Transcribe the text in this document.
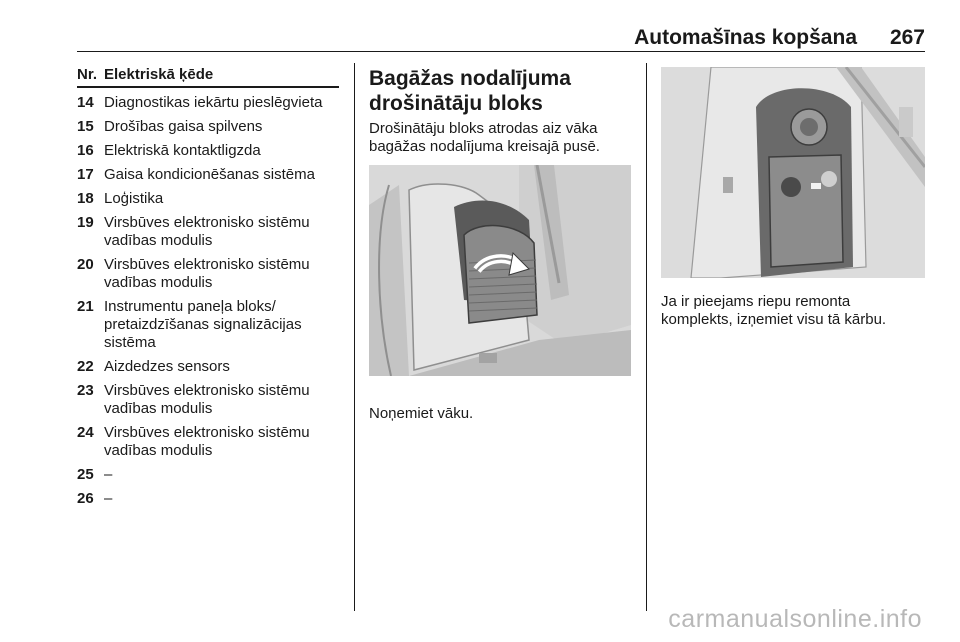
Automašīnas kopšana 267
Nr. Elektriskā ķēde
14 Diagnostikas iekārtu pieslēgvieta
15 Drošības gaisa spilvens
16 Elektriskā kontaktligzda
17 Gaisa kondicionēšanas sistēma
18 Loģistika
19 Virsbūves elektronisko sistēmu vadības modulis
20 Virsbūves elektronisko sistēmu vadības modulis
21 Instrumentu paneļa bloks/ pretaizdzīšanas signalizācijas sistēma
22 Aizdedzes sensors
23 Virsbūves elektronisko sistēmu vadības modulis
24 Virsbūves elektronisko sistēmu vadības modulis
25 –
26 –
Bagāžas nodalījuma
drošinātāju bloks

Drošinātāju bloks atrodas aiz vāka bagāžas nodalījuma kreisajā pusē.

Noņemiet vāku.

Ja ir pieejams riepu remonta komplekts, izņemiet visu tā kārbu.

carmanualsonline.info
